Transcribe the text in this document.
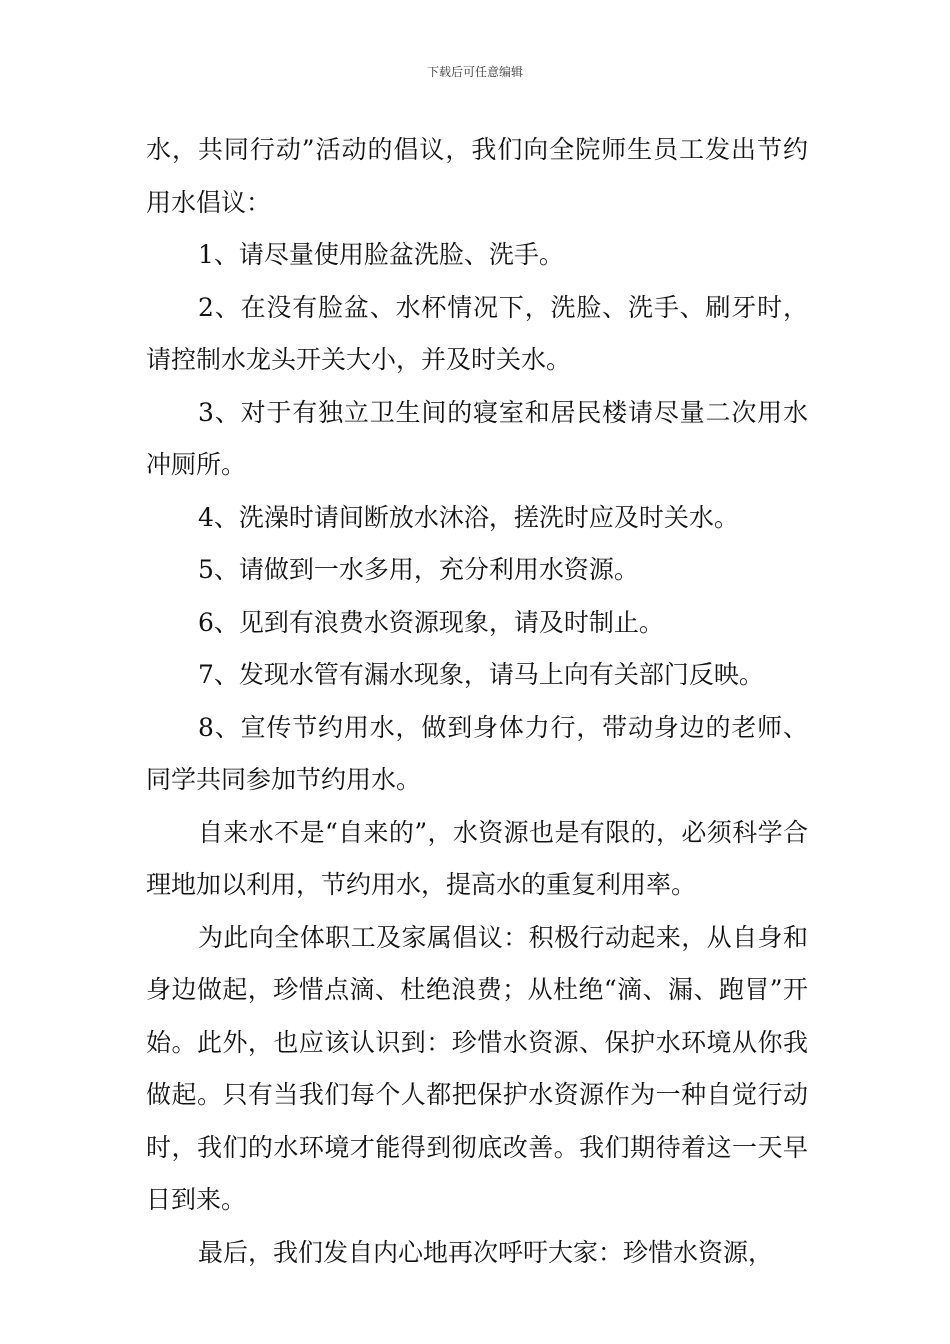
下载后可任意编辑

水，共同行动”活动的倡议，我们向全院师生员工发出节约用水倡议：

1、请尽量使用脸盆洗脸、洗手。

2、在没有脸盆、水杯情况下，洗脸、洗手、刷牙时，请控制水龙头开关大小，并及时关水。

3、对于有独立卫生间的寝室和居民楼请尽量二次用水冲厕所。

4、洗澡时请间断放水沐浴，搓洗时应及时关水。

5、请做到一水多用，充分利用水资源。

6、见到有浪费水资源现象，请及时制止。

7、发现水管有漏水现象，请马上向有关部门反映。

8、宣传节约用水，做到身体力行，带动身边的老师、同学共同参加节约用水。

自来水不是“自来的”，水资源也是有限的，必须科学合理地加以利用，节约用水，提高水的重复利用率。

为此向全体职工及家属倡议：积极行动起来，从自身和身边做起，珍惜点滴、杜绝浪费；从杜绝“滴、漏、跑冒”开始。此外，也应该认识到：珍惜水资源、保护水环境从你我做起。只有当我们每个人都把保护水资源作为一种自觉行动时，我们的水环境才能得到彻底改善。我们期待着这一天早日到来。

最后，我们发自内心地再次呼吁大家：珍惜水资源，
